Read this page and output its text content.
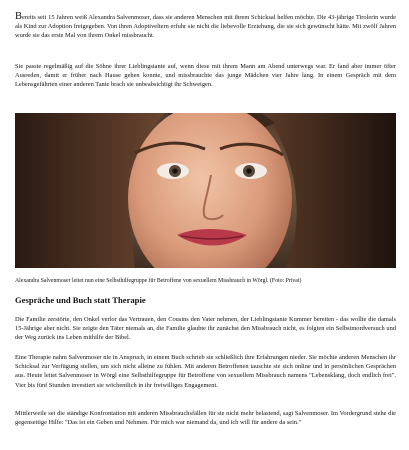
Bereits seit 15 Jahren weiß Alexandra Salvenmoser, dass sie anderen Menschen mit ihrem Schicksal helfen möchte. Die 43-jährige Tirolerin wurde als Kind zur Adoption freigegeben. Von ihren Adoptiveltern erfuhr sie nicht die liebevolle Erziehung, die sie sich gewünscht hätte. Mit zwölf Jahren wurde sie das erste Mal von ihrem Onkel missbraucht.

Sie passte regelmäßig auf die Söhne ihrer Lieblingstante auf, wenn diese mit ihrem Mann am Abend unterwegs war. Er fand aber immer öfter Ausreden, damit er früher nach Hause gehen konnte, und missbrauchte das junge Mädchen vier Jahre lang. In einem Gespräch mit dem Lebensgefährten einer anderen Tante brach sie unbeabsichtigt ihr Schweigen.

Alexandra Salvenmoser leitet nun eine Selbsthilfegruppe für Betroffene von sexuellem Missbrauch in Wörgl. (Foto: Privat)

Gespräche und Buch statt Therapie

Die Familie zerstörte, den Onkel verlor das Vertrauen, den Cousins den Vater nehmen, der Lieblingstante Kummer bereiten - das wollte die damals 15-Jährige aber nicht. Sie zeigte den Täter niemals an, die Familie glaubte ihr zunächst den Missbrauch nicht, es folgten ein Selbstmordversuch und der Weg zurück ins Leben mithilfe der Bibel.

Eine Therapie nahm Salvenmoser nie in Anspruch, in einem Buch schrieb sie schließlich ihre Erfahrungen nieder. Sie möchte anderen Menschen ihr Schicksal zur Verfügung stellen, um sich nicht alleine zu fühlen. Mit anderen Betroffenen tauschte sie sich online und in persönlichen Gesprächen aus. Heute leitet Salvenmoser in Wörgl eine Selbsthilfegruppe für Betroffene von sexuellem Missbrauch namens "Lebensklang, doch endlich frei". Vier bis fünf Stunden investiert sie wöchentlich in ihr freiwilliges Engagement.

Mittlerweile sei die ständige Konfrontation mit anderen Missbrauchsfällen für sie nicht mehr belastend, sagt Salvenmoser. Im Vordergrund stehe die gegenseitige Hilfe: "Das ist ein Geben und Nehmen. Für mich war niemand da, und ich will für andere da sein."
